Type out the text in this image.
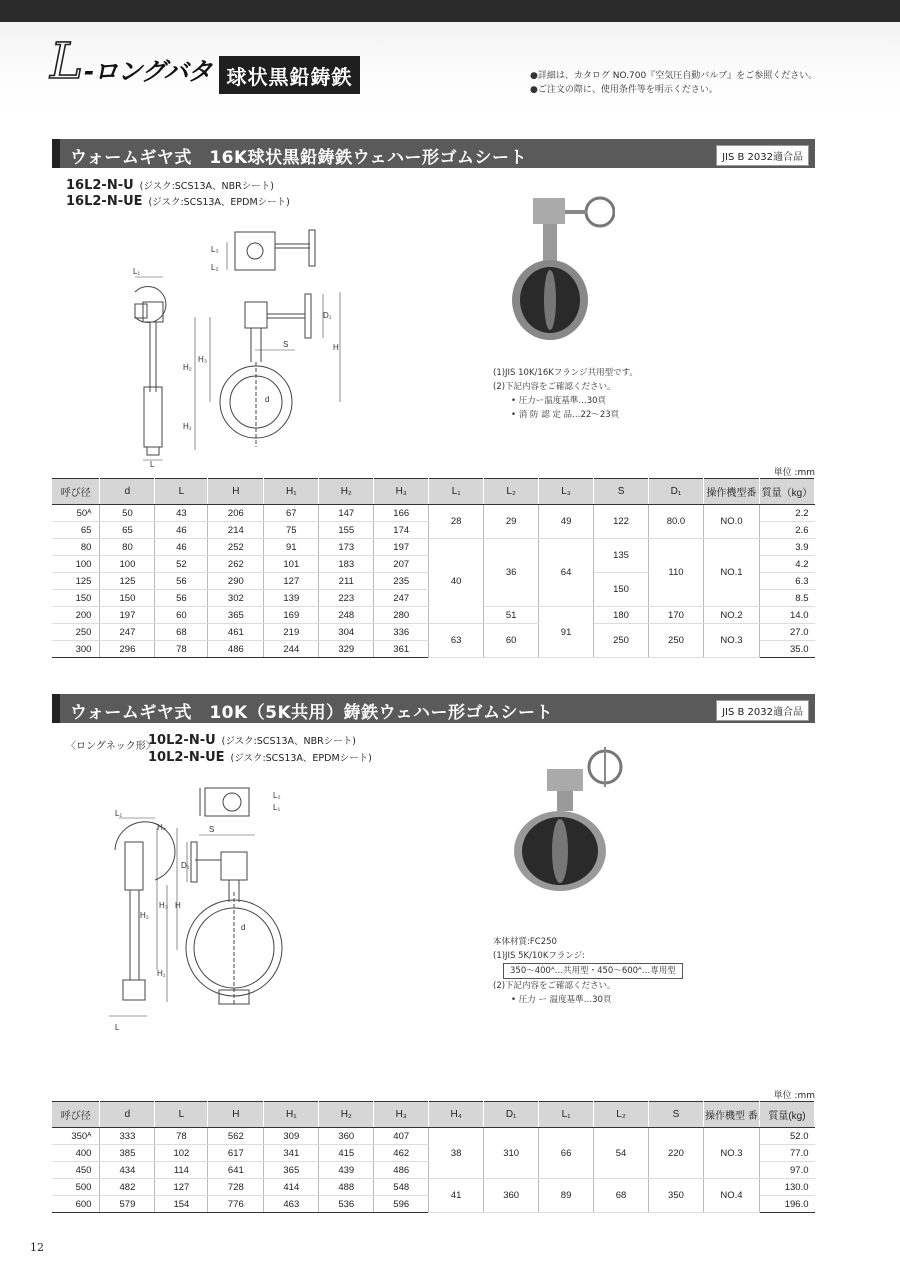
L -ロングバタ 球状黒鉛鋳鉄	●詳細は、カタログ NO.700『空気圧自動バルブ』をご参照ください。
●ご注文の際に、使用条件等を明示ください。
ウォームギヤ式　16K球状黒鉛鋳鉄ウェハー形ゴムシート	JIS B 2032適合品
16L2-N-U (ジスク:SCS13A、NBRシート)
16L2-N-UE (ジスク:SCS13A、EPDMシート)
L₃
L₂
L₁
D₁
H₃
H₂
H₁
H
S
d
L
(1)JIS 10K/16Kフランジ共用型です。
(2)下記内容をご確認ください。
• 圧力ー温度基準…30頁
• 消 防 認 定 品…22〜23頁
単位 :mm
呼び径	d	L	H	H₁	H₂	H₃	L₁	L₂	L₃	S	D₁	操作機型番	質量（kg）
50ᴬ	50	43	206	67	147	166	28	29	49	122	80.0	NO.0	2.2
65	65	46	214	75	155	174							2.6
80	80	46	252	91	173	197	40	36	64	135	110	NO.1	3.9
100	100	52	262	101	183	207							4.2
125	125	56	290	127	211	235				150			6.3
150	150	56	302	139	223	247							8.5
200	197	60	365	169	248	280		51	91	180	170	NO.2	14.0
250	247	68	461	219	304	336	63	60		250	250	NO.3	27.0
300	296	78	486	244	329	361							35.0
ウォームギヤ式　10K（5K共用）鋳鉄ウェハー形ゴムシート	JIS B 2032適合品
〈ロングネック形〉
10L2-N-U (ジスク:SCS13A、NBRシート)
10L2-N-UE (ジスク:SCS13A、EPDMシート)
L₂
L₁
L₁
H₄	S
D₁
H₃ H
H₂
H₁
d
L
本体材質:FC250
(1)JIS 5K/10Kフランジ:
350〜400ᴬ…共用型・450〜600ᴬ…専用型
(2)下記内容をご確認ください。
• 圧力 ー 温度基準…30頁
単位 :mm
呼び径	d	L	H	H₁	H₂	H₃	H₄	D₁	L₁	L₂	S	操作機型 番	質量(kg)
350ᴬ	333	78	562	309	360	407	38	310	66	54	220	NO.3	52.0
400	385	102	617	341	415	462							77.0
450	434	114	641	365	439	486							97.0
500	482	127	728	414	488	548	41	360	89	68	350	NO.4	130.0
600	579	154	776	463	536	596							196.0
12
